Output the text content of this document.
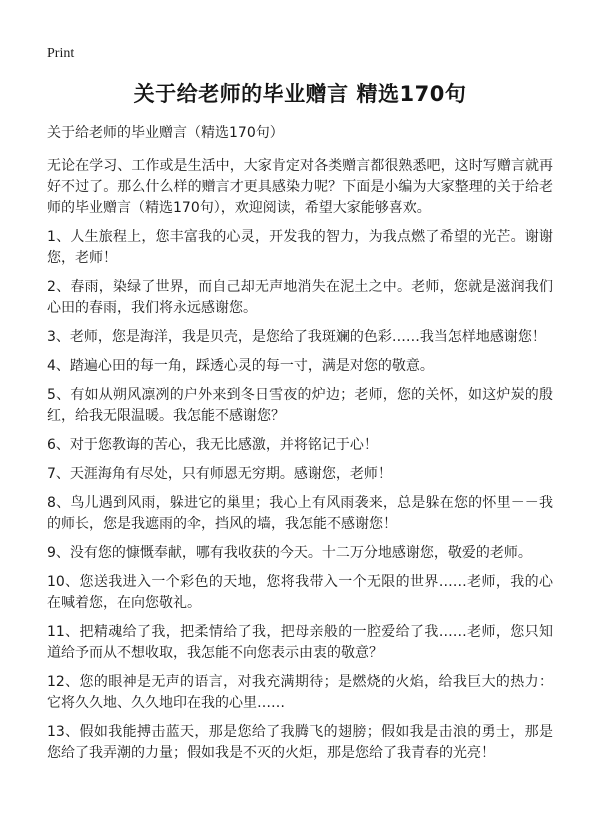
Print
关于给老师的毕业赠言 精选170句

关于给老师的毕业赠言（精选170句）

无论在学习、工作或是生活中，大家肯定对各类赠言都很熟悉吧，这时写赠言就再好不过了。那么什么样的赠言才更具感染力呢？下面是小编为大家整理的关于给老师的毕业赠言（精选170句），欢迎阅读，希望大家能够喜欢。

1、人生旅程上，您丰富我的心灵，开发我的智力，为我点燃了希望的光芒。谢谢您，老师！

2、春雨，染绿了世界，而自己却无声地消失在泥土之中。老师，您就是滋润我们心田的春雨，我们将永远感谢您。

3、老师，您是海洋，我是贝壳，是您给了我斑斓的色彩……我当怎样地感谢您！

4、踏遍心田的每一角，踩透心灵的每一寸，满是对您的敬意。

5、有如从朔风凛冽的户外来到冬日雪夜的炉边；老师，您的关怀，如这炉炭的殷红，给我无限温暖。我怎能不感谢您？

6、对于您教诲的苦心，我无比感激，并将铭记于心！

7、天涯海角有尽处，只有师恩无穷期。感谢您，老师！

8、鸟儿遇到风雨，躲进它的巢里；我心上有风雨袭来，总是躲在您的怀里－－我的师长，您是我遮雨的伞，挡风的墙，我怎能不感谢您！

9、没有您的慷慨奉献，哪有我收获的今天。十二万分地感谢您，敬爱的老师。

10、您送我进入一个彩色的天地，您将我带入一个无限的世界……老师，我的心在喊着您，在向您敬礼。

11、把精魂给了我，把柔情给了我，把母亲般的一腔爱给了我……老师，您只知道给予而从不想收取，我怎能不向您表示由衷的敬意？

12、您的眼神是无声的语言，对我充满期待；是燃烧的火焰，给我巨大的热力：它将久久地、久久地印在我的心里……

13、假如我能搏击蓝天，那是您给了我腾飞的翅膀；假如我是击浪的勇士，那是您给了我弄潮的力量；假如我是不灭的火炬，那是您给了我青春的光亮！
